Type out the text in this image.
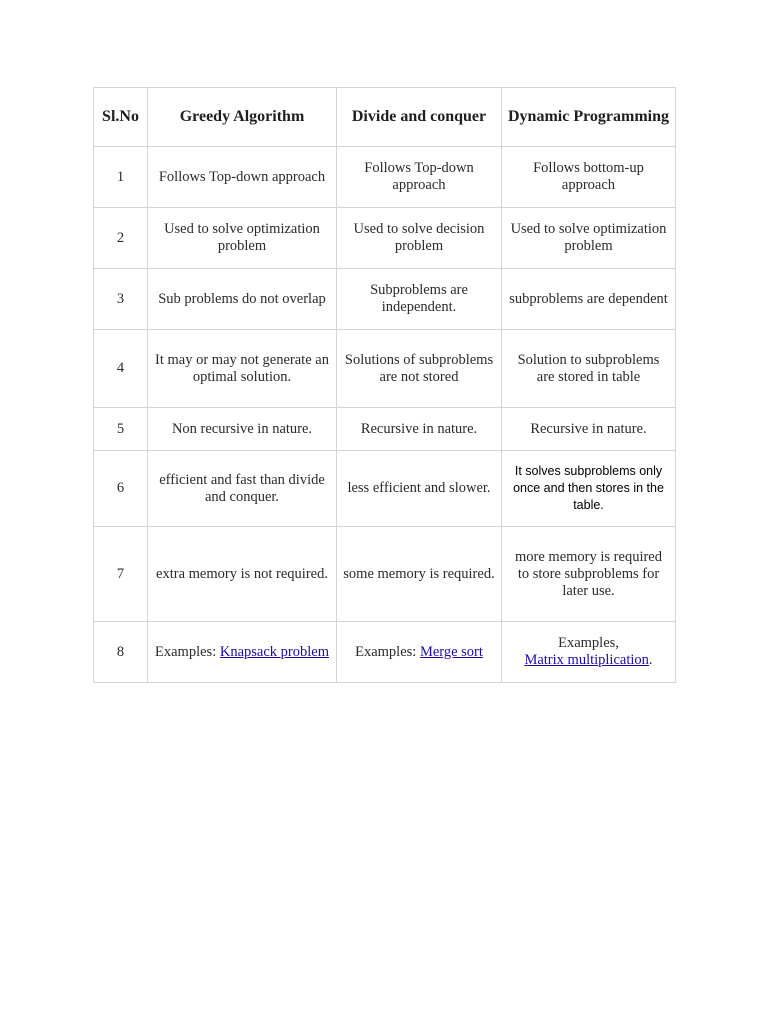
Sl.No	Greedy Algorithm	Divide and conquer	Dynamic Programming
1	Follows Top-down approach	Follows Top-down approach	Follows bottom-up approach
2	Used to solve optimization problem	Used to solve decision problem	Used to solve optimization problem
3	Sub problems do not overlap	Subproblems are independent.	subproblems are dependent
4	It may or may not generate an optimal solution.	Solutions of subproblems are not stored	Solution to subproblems are stored in table
5	Non recursive in nature.	Recursive in nature.	Recursive in nature.
6	efficient and fast than divide and conquer.	less efficient and slower.	It solves subproblems only once and then stores in the table.
7	extra memory is not required.	some memory is required.	more memory is required to store subproblems for later use.
8	Examples: Knapsack problem	Examples: Merge sort	Examples,
Matrix multiplication.
